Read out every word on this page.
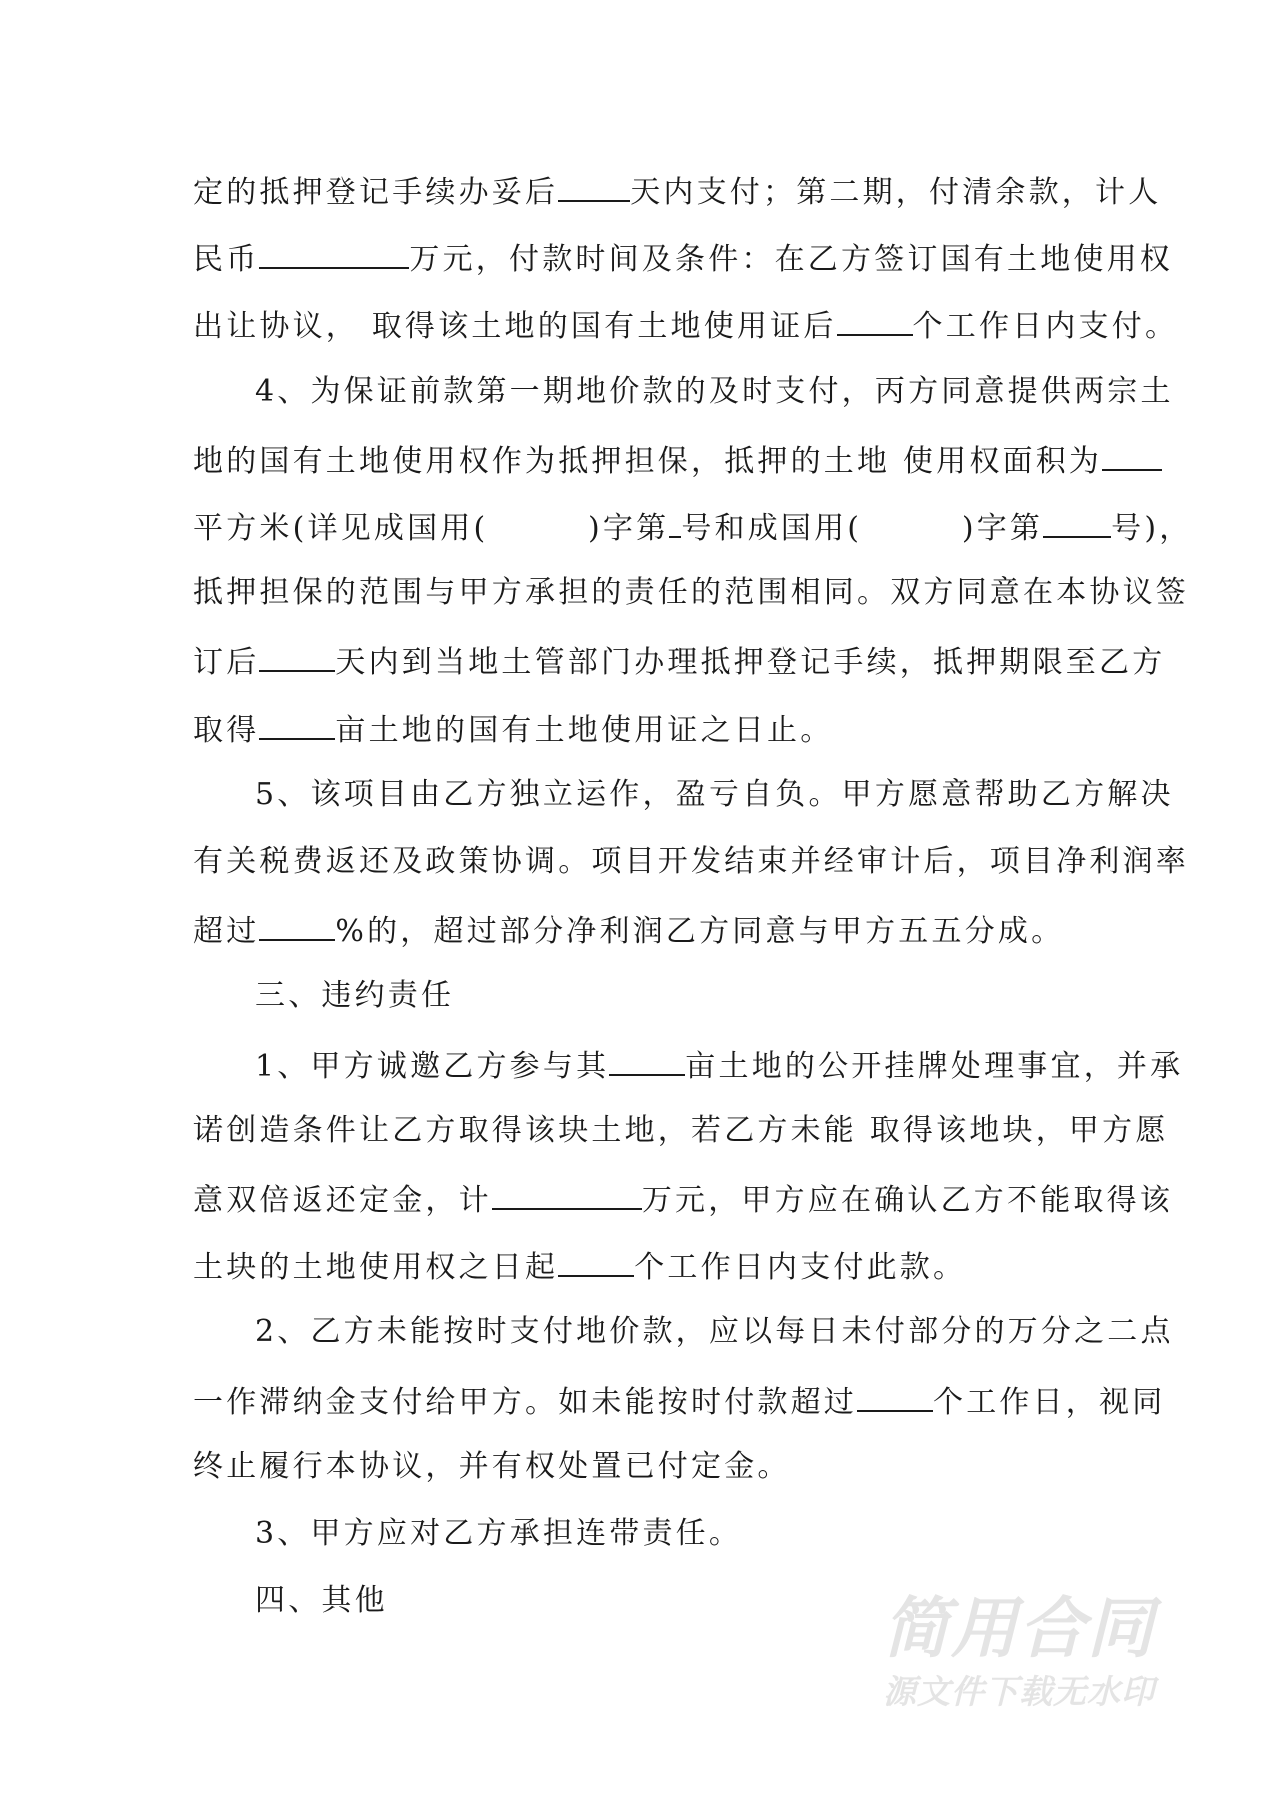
定的抵押登记手续办妥后 天内支付；第二期，付清余款，计人
民币	万元，付款时间及条件：在乙方签订国有土地使用权
出让协议， 取得该土地的国有土地使用证后	个工作日内支付。
4、为保证前款第一期地价款的及时支付，丙方同意提供两宗土
地的国有土地使用权作为抵押担保，抵押的土地 使用权面积为
平方米(详见成国用(　　　)字第 号和成国用(　　　)字第 号)，
抵押担保的范围与甲方承担的责任的范围相同。双方同意在本协议签
订后	天内到当地土管部门办理抵押登记手续，抵押期限至乙方
取得	亩土地的国有土地使用证之日止。
5、该项目由乙方独立运作，盈亏自负。甲方愿意帮助乙方解决
有关税费返还及政策协调。项目开发结束并经审计后，项目净利润率
超过	%的，超过部分净利润乙方同意与甲方五五分成。
三、违约责任
1、甲方诚邀乙方参与其	亩土地的公开挂牌处理事宜，并承
诺创造条件让乙方取得该块土地，若乙方未能 取得该地块，甲方愿
意双倍返还定金，计	万元，甲方应在确认乙方不能取得该
土块的土地使用权之日起	个工作日内支付此款。
2、乙方未能按时支付地价款，应以每日未付部分的万分之二点
一作滞纳金支付给甲方。如未能按时付款超过	个工作日，视同
终止履行本协议，并有权处置已付定金。
3、甲方应对乙方承担连带责任。
四、其他	简用合同
源文件下载无水印
